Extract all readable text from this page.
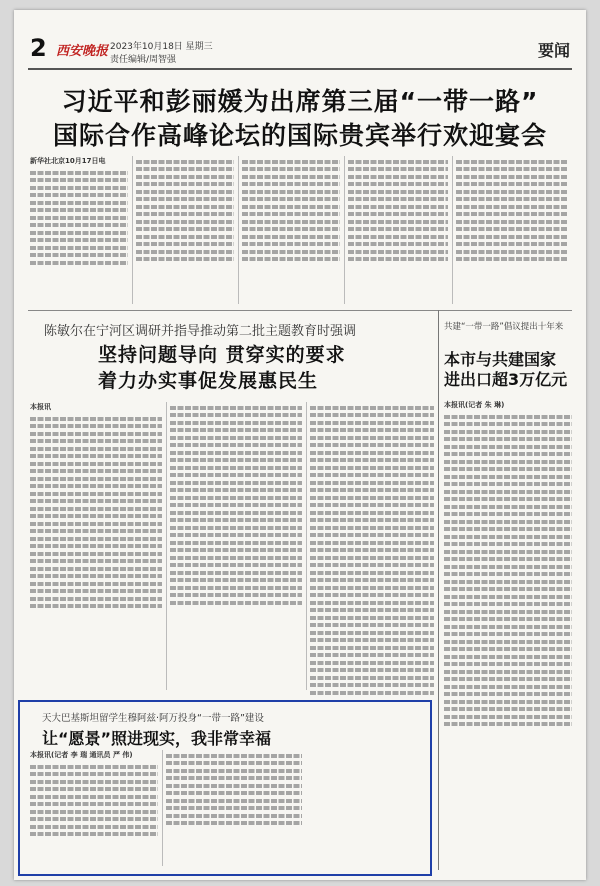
2 西安晚报 2023年10月18日 星期三
责任编辑/周智强	要闻
习近平和彭丽媛为出席第三届“一带一路”
国际合作高峰论坛的国际贵宾举行欢迎宴会
新华社北京10月17日电
陈敏尔在宁河区调研并指导推动第二批主题教育时强调
坚持问题导向 贯穿实的要求
着力办实事促发展惠民生
本报讯
共建“一带一路”倡议提出十年来
本市与共建国家
进出口超3万亿元
本报讯(记者 朱 琳)
天大巴基斯坦留学生穆阿兹·阿万投身“一带一路”建设
让“愿景”照进现实，我非常幸福
本报讯(记者 李 瑞 通讯员 严 伟)
